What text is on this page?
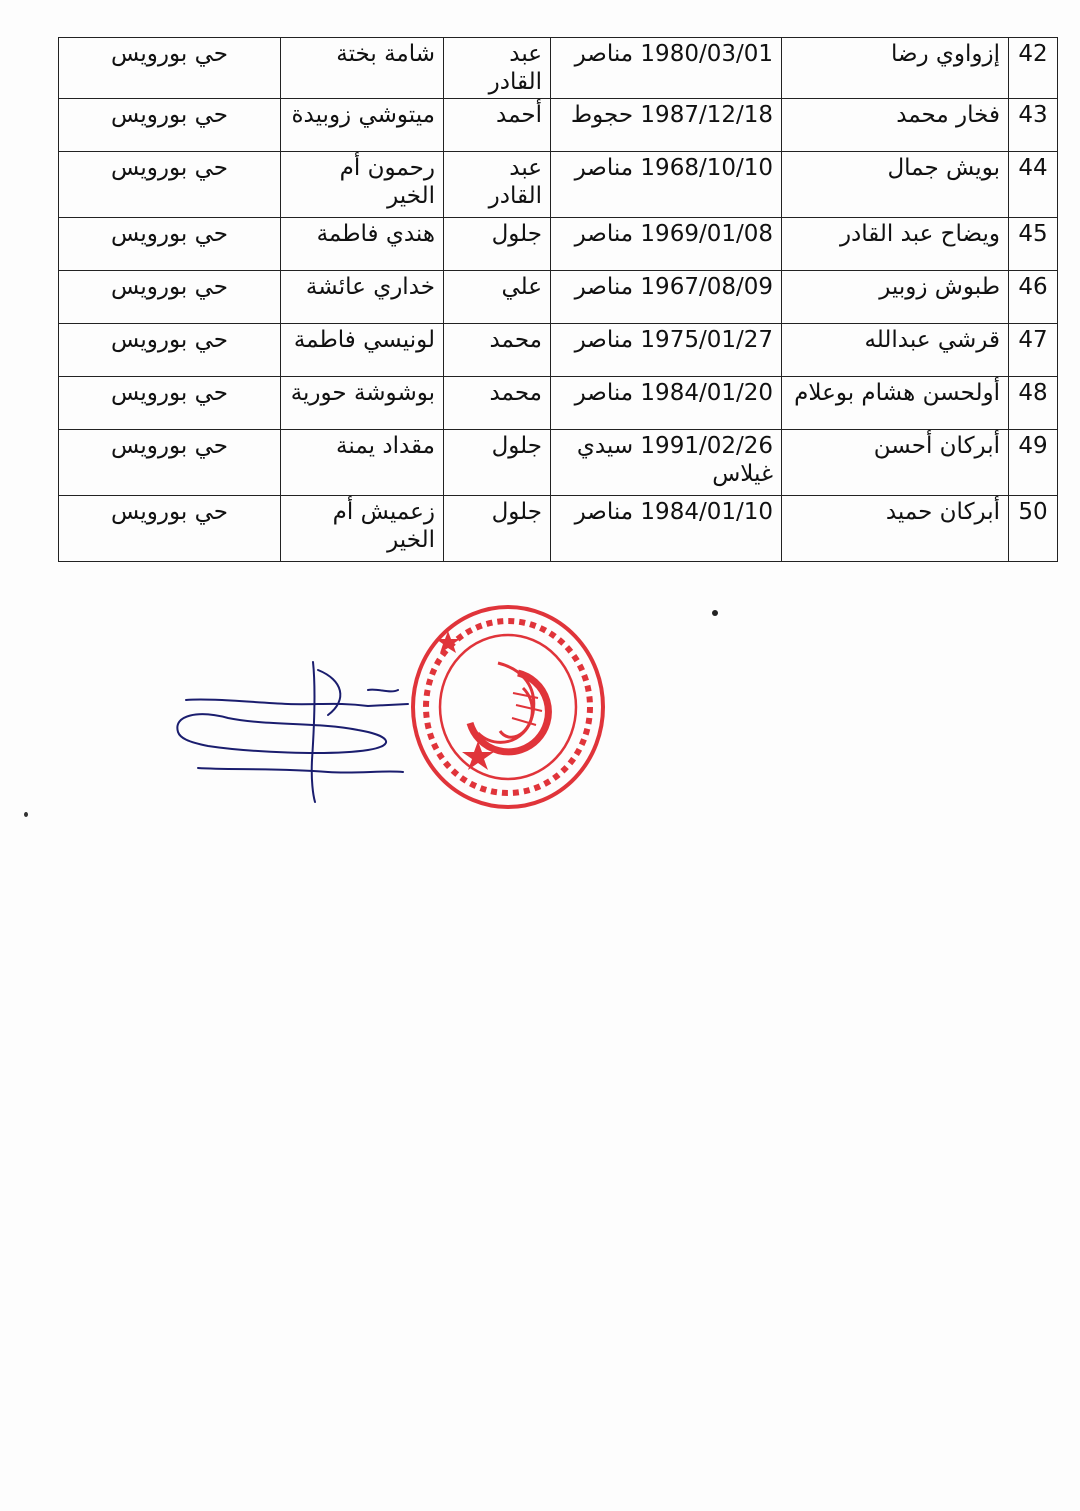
42	إزواوي رضا	1980/03/01 مناصر	عبد القادر	شامة بختة	حي بورويس
43	فخار محمد	1987/12/18 حجوط	أحمد	ميتوشي زوبيدة	حي بورويس
44	بويش جمال	1968/10/10 مناصر	عبد القادر	رحمون أم الخير	حي بورويس
45	ويضاح عبد القادر	1969/01/08 مناصر	جلول	هندي فاطمة	حي بورويس
46	طبوش زوبير	1967/08/09 مناصر	علي	خداري عائشة	حي بورويس
47	قرشي عبدالله	1975/01/27 مناصر	محمد	لونيسي فاطمة	حي بورويس
48	أولحسن هشام بوعلام	1984/01/20 مناصر	محمد	بوشوشة حورية	حي بورويس
49	أبركان أحسن	1991/02/26 سيدي غيلاس	جلول	مقداد يمنة	حي بورويس
50	أبركان حميد	1984/01/10 مناصر	جلول	زعميش أم الخير	حي بورويس
